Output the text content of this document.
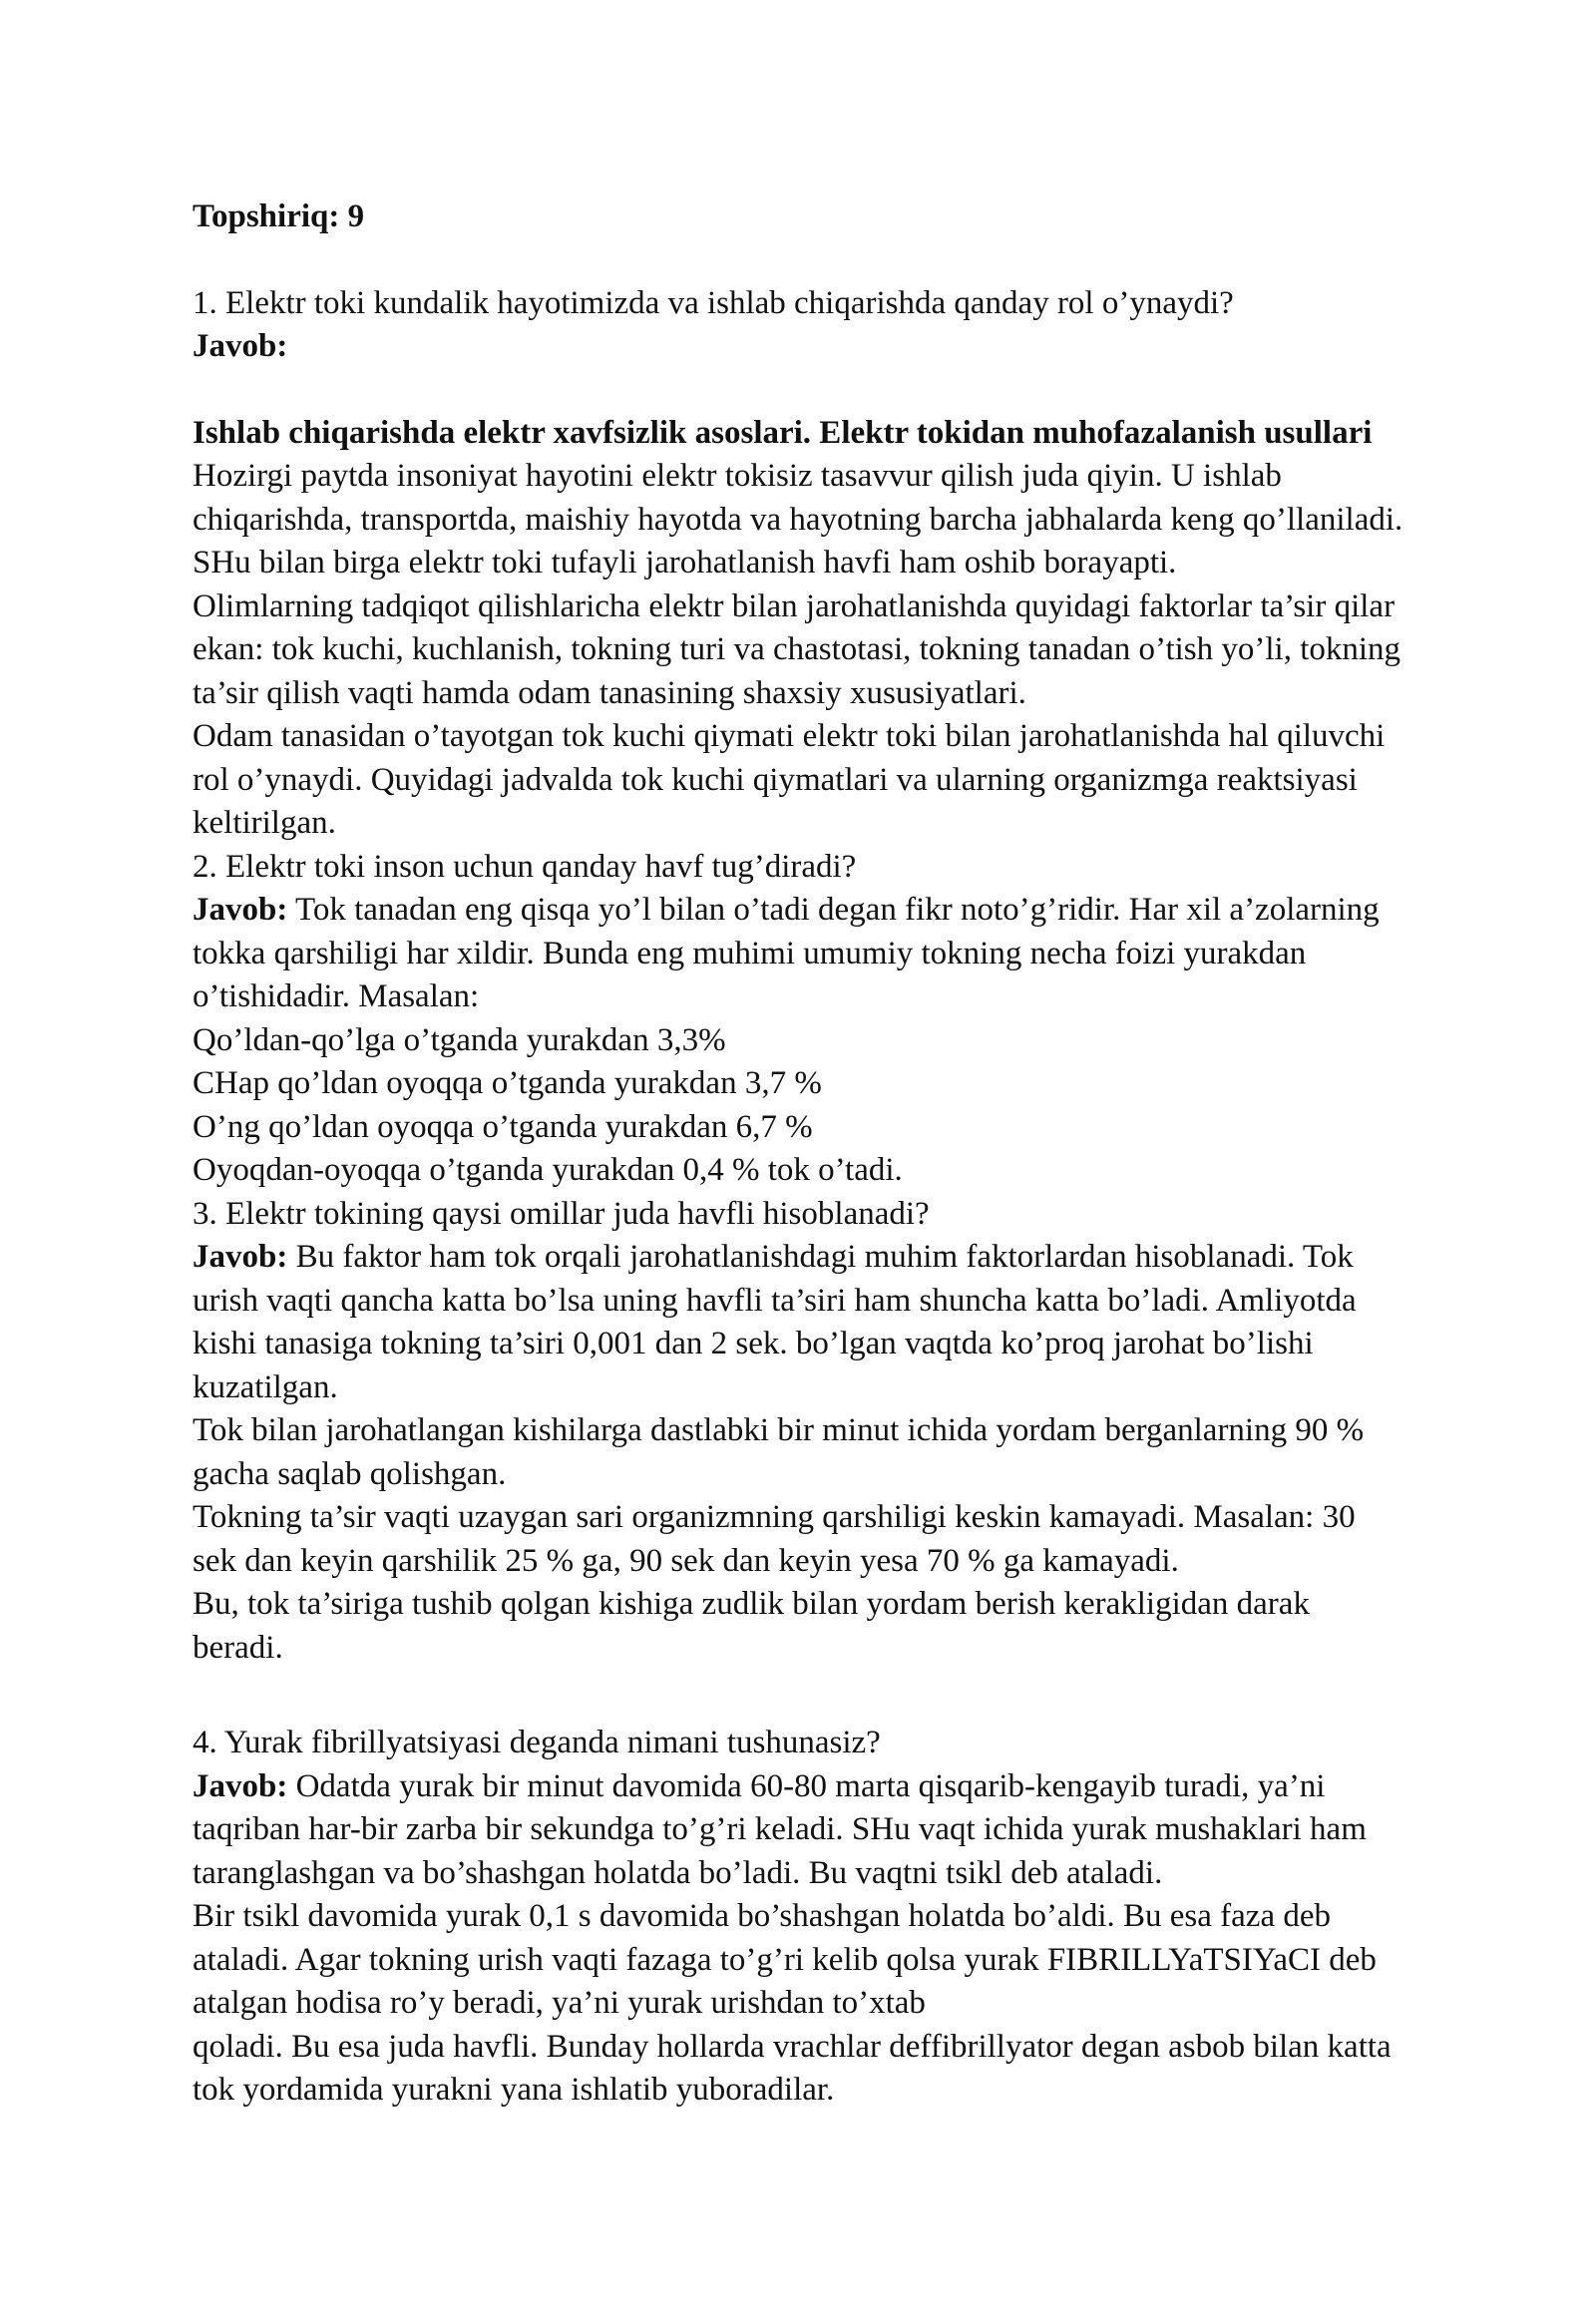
Topshiriq: 9
1. Elektr toki kundalik hayotimizda va ishlab chiqarishda qanday rol o’ynaydi?
Javob:
Ishlab chiqarishda elektr xavfsizlik asoslari. Elektr tokidan muhofazalanish usullari
Hozirgi paytda insoniyat hayotini elektr tokisiz tasavvur qilish juda qiyin. U ishlab
chiqarishda, transportda, maishiy hayotda va hayotning barcha jabhalarda keng qo’llaniladi.
SHu bilan birga elektr toki tufayli jarohatlanish havfi ham oshib borayapti.
Olimlarning tadqiqot qilishlaricha elektr bilan jarohatlanishda quyidagi faktorlar ta’sir qilar
ekan: tok kuchi, kuchlanish, tokning turi va chastotasi, tokning tanadan o’tish yo’li, tokning
ta’sir qilish vaqti hamda odam tanasining shaxsiy xususiyatlari.
Odam tanasidan o’tayotgan tok kuchi qiymati elektr toki bilan jarohatlanishda hal qiluvchi
rol o’ynaydi. Quyidagi jadvalda tok kuchi qiymatlari va ularning organizmga reaktsiyasi
keltirilgan.
2. Elektr toki inson uchun qanday havf tug’diradi?
Javob: Tok tanadan eng qisqa yo’l bilan o’tadi degan fikr noto’g’ridir. Har xil a’zolarning
tokka qarshiligi har xildir. Bunda eng muhimi umumiy tokning necha foizi yurakdan
o’tishidadir. Masalan:
Qo’ldan-qo’lga o’tganda yurakdan 3,3%
CHap qo’ldan oyoqqa o’tganda yurakdan 3,7 %
O’ng qo’ldan oyoqqa o’tganda yurakdan 6,7 %
Oyoqdan-oyoqqa o’tganda yurakdan 0,4 % tok o’tadi.
3. Elektr tokining qaysi omillar juda havfli hisoblanadi?
Javob: Bu faktor ham tok orqali jarohatlanishdagi muhim faktorlardan hisoblanadi. Tok
urish vaqti qancha katta bo’lsa uning havfli ta’siri ham shuncha katta bo’ladi. Amliyotda
kishi tanasiga tokning ta’siri 0,001 dan 2 sek. bo’lgan vaqtda ko’proq jarohat bo’lishi
kuzatilgan.
Tok bilan jarohatlangan kishilarga dastlabki bir minut ichida yordam berganlarning 90 %
gacha saqlab qolishgan.
Tokning ta’sir vaqti uzaygan sari organizmning qarshiligi keskin kamayadi. Masalan: 30
sek dan keyin qarshilik 25 % ga, 90 sek dan keyin yesa 70 % ga kamayadi.
Bu, tok ta’siriga tushib qolgan kishiga zudlik bilan yordam berish kerakligidan darak
beradi.
4. Yurak fibrillyatsiyasi deganda nimani tushunasiz?
Javob: Odatda yurak bir minut davomida 60-80 marta qisqarib-kengayib turadi, ya’ni
taqriban har-bir zarba bir sekundga to’g’ri keladi. SHu vaqt ichida yurak mushaklari ham
taranglashgan va bo’shashgan holatda bo’ladi. Bu vaqtni tsikl deb ataladi.
Bir tsikl davomida yurak 0,1 s davomida bo’shashgan holatda bo’aldi. Bu esa faza deb
ataladi. Agar tokning urish vaqti fazaga to’g’ri kelib qolsa yurak FIBRILLYaTSIYaCI deb
atalgan hodisa ro’y beradi, ya’ni yurak urishdan to’xtab
qoladi. Bu esa juda havfli. Bunday hollarda vrachlar deffibrillyator degan asbob bilan katta
tok yordamida yurakni yana ishlatib yuboradilar.
